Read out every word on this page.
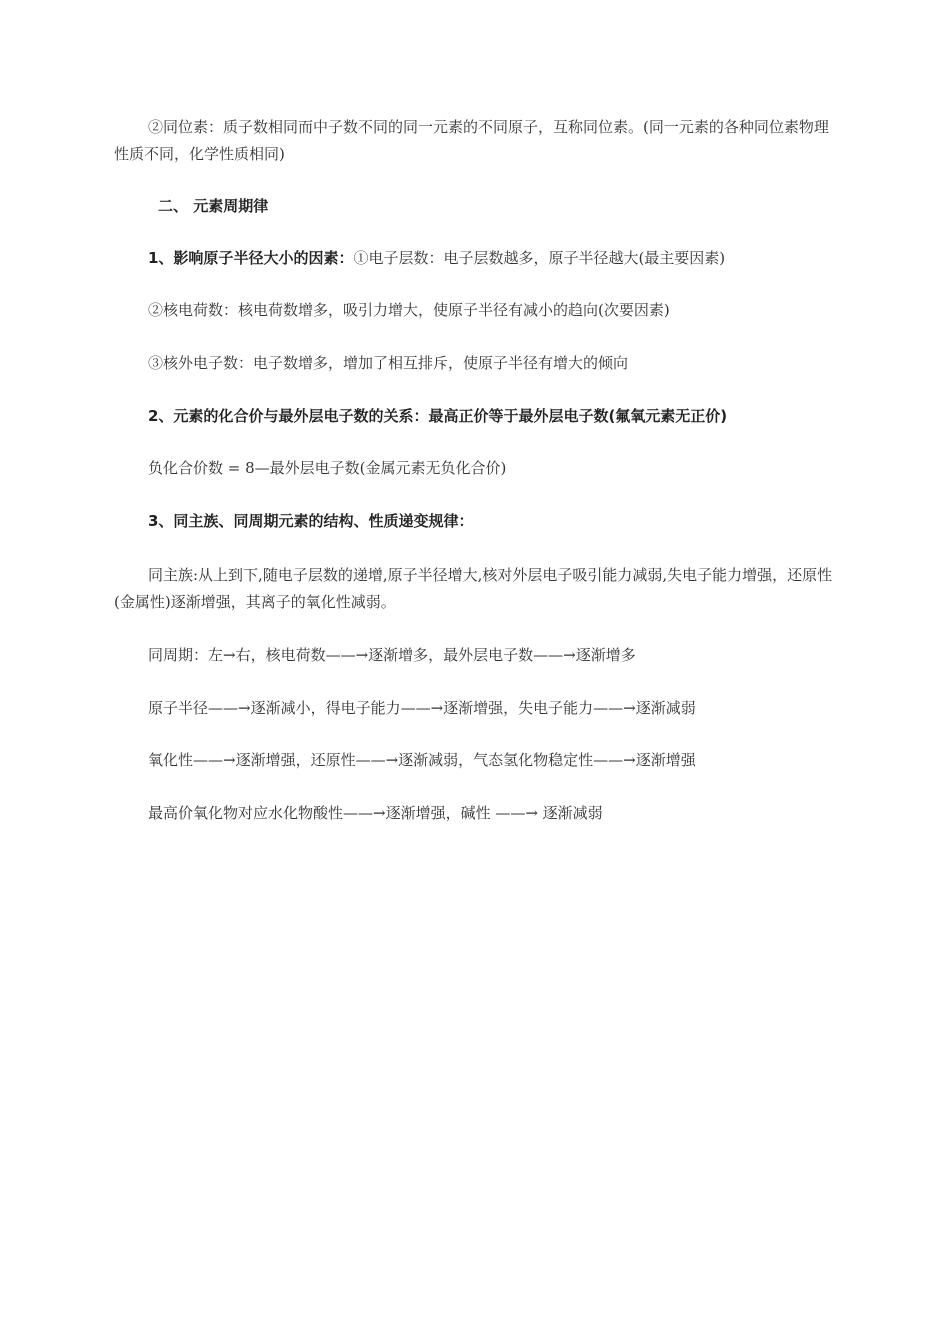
②同位素：质子数相同而中子数不同的同一元素的不同原子，互称同位素。(同一元素的各种同位素物理性质不同，化学性质相同)
二、 元素周期律
1、影响原子半径大小的因素：①电子层数：电子层数越多，原子半径越大(最主要因素)
②核电荷数：核电荷数增多，吸引力增大，使原子半径有减小的趋向(次要因素)
③核外电子数：电子数增多，增加了相互排斥，使原子半径有增大的倾向
2、元素的化合价与最外层电子数的关系：最高正价等于最外层电子数(氟氧元素无正价)
负化合价数 = 8—最外层电子数(金属元素无负化合价)
3、同主族、同周期元素的结构、性质递变规律：
同主族:从上到下,随电子层数的递增,原子半径增大,核对外层电子吸引能力减弱,失电子能力增强，还原性(金属性)逐渐增强，其离子的氧化性减弱。
同周期：左→右，核电荷数——→逐渐增多，最外层电子数——→逐渐增多
原子半径——→逐渐减小，得电子能力——→逐渐增强，失电子能力——→逐渐减弱
氧化性——→逐渐增强，还原性——→逐渐减弱，气态氢化物稳定性——→逐渐增强
最高价氧化物对应水化物酸性——→逐渐增强，碱性 ——→ 逐渐减弱
